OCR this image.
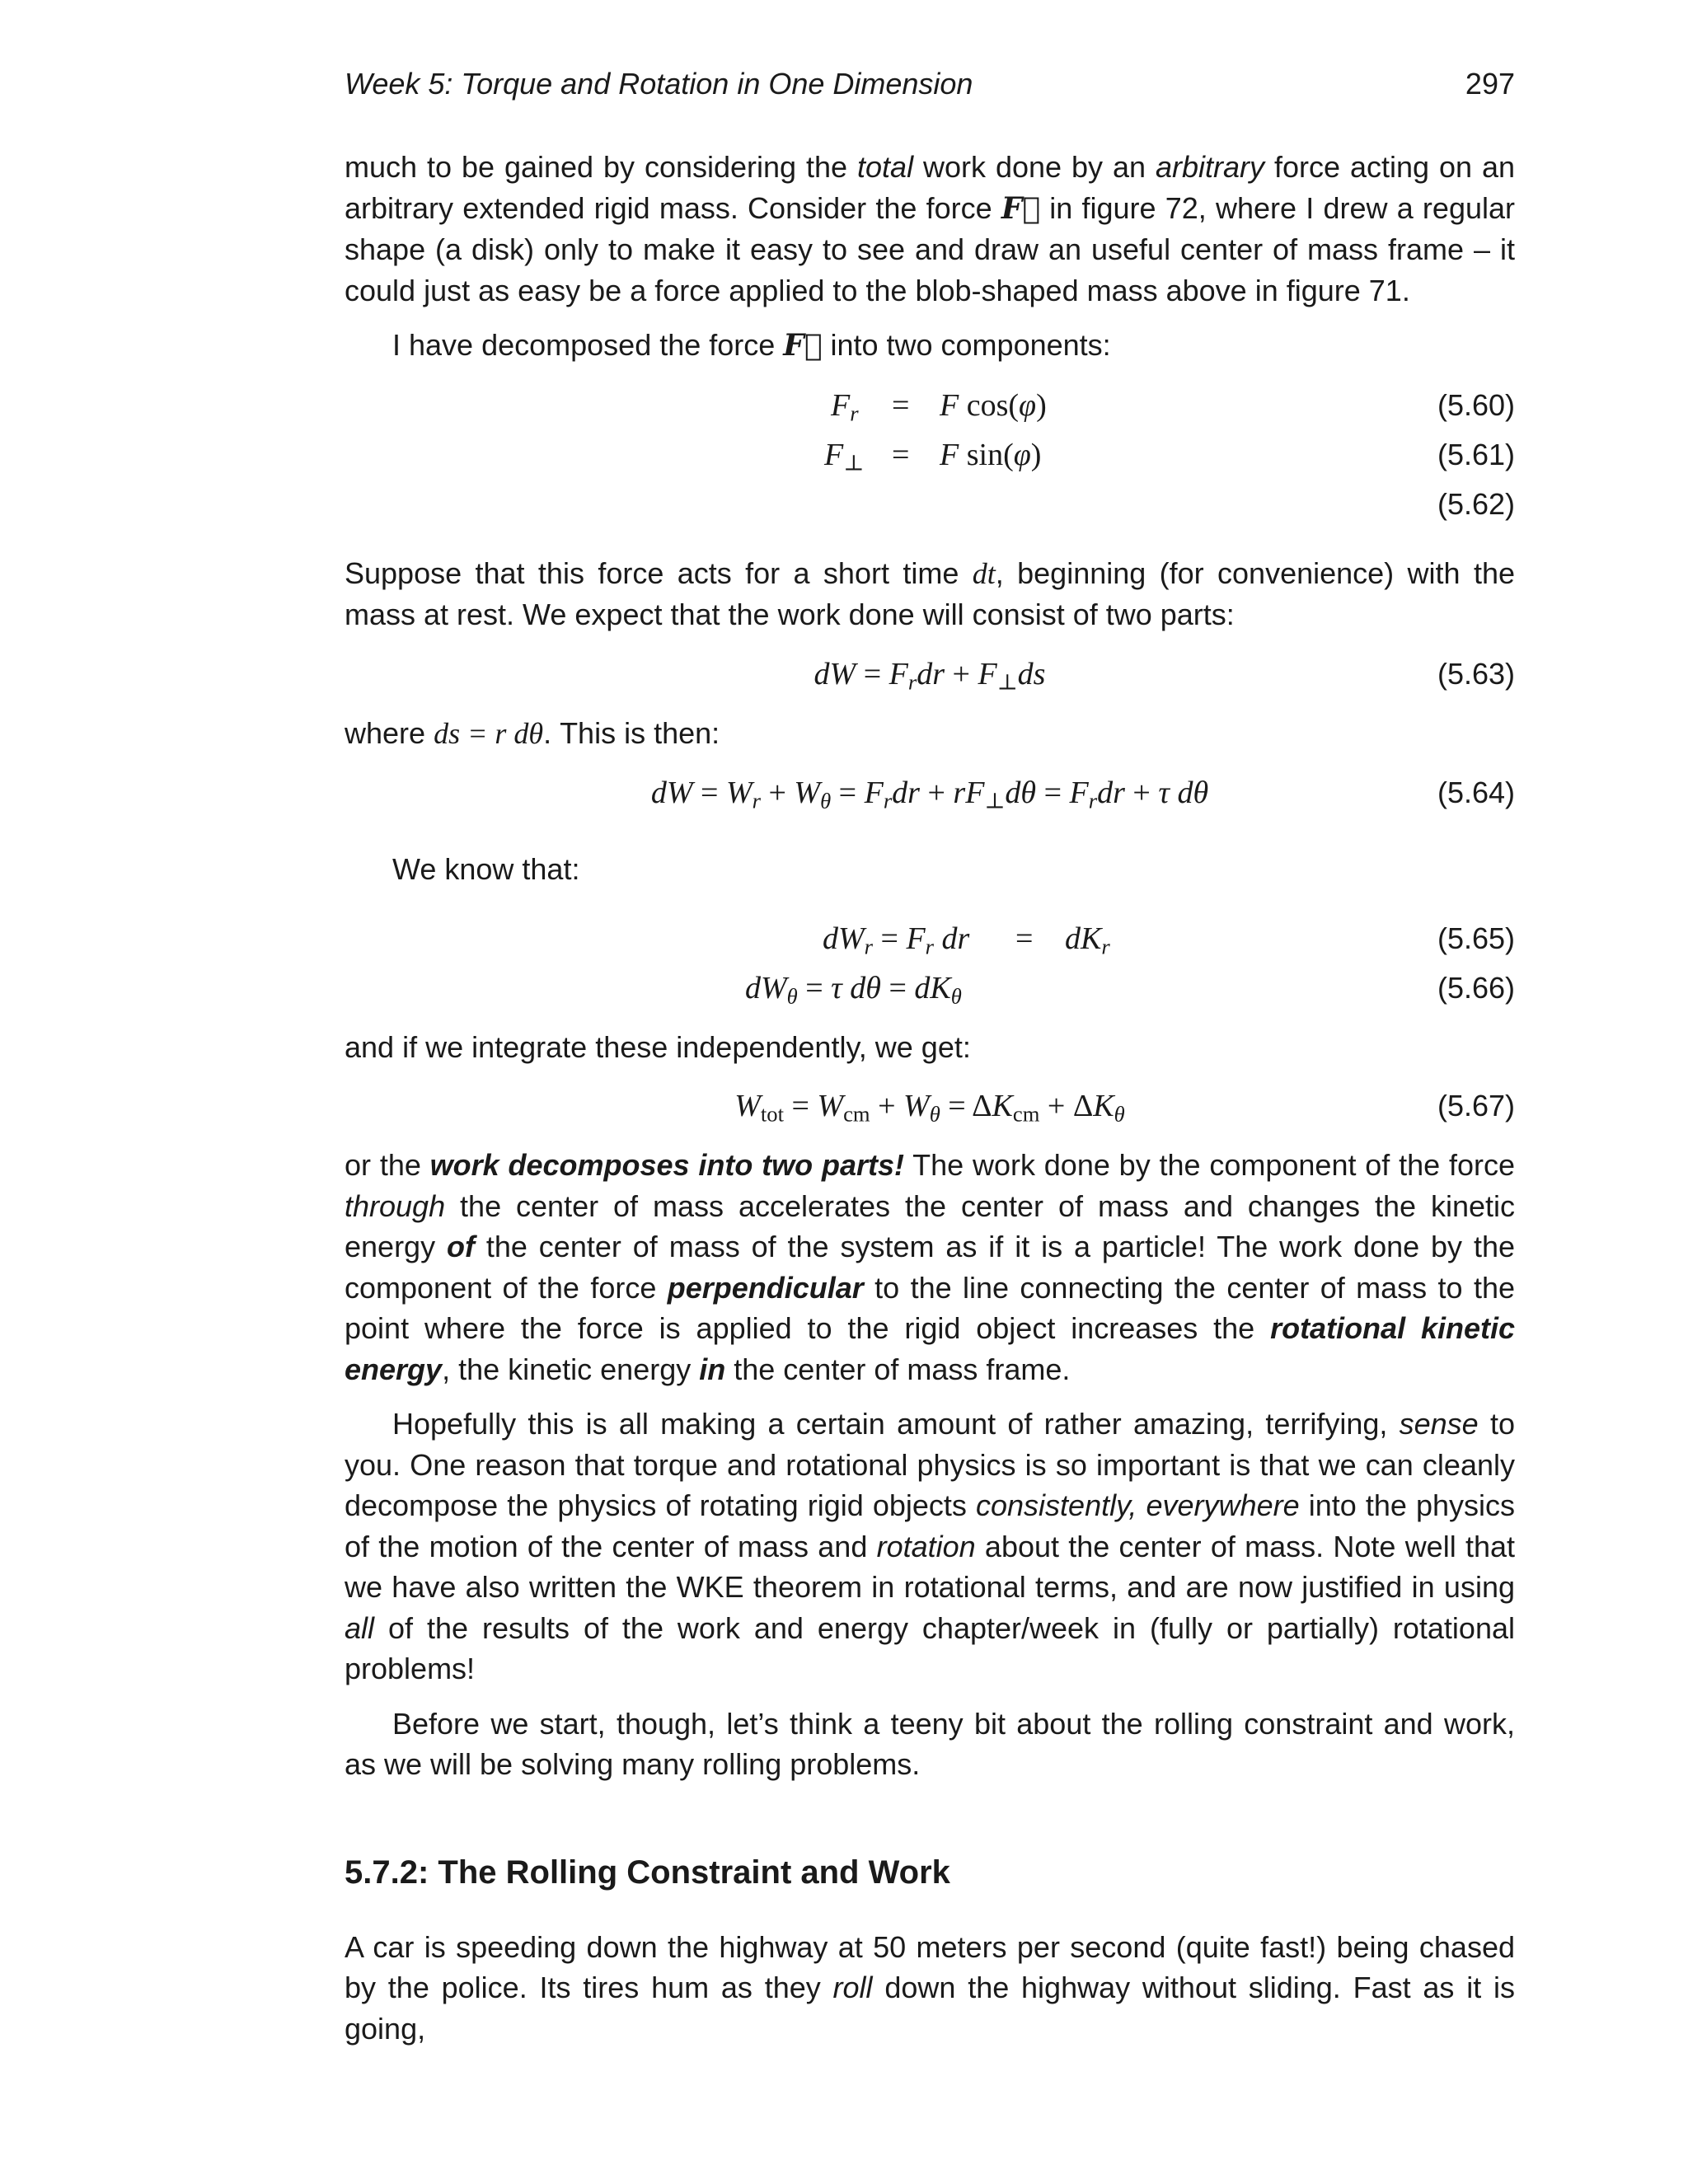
Week 5: Torque and Rotation in One Dimension	297

much to be gained by considering the total work done by an arbitrary force acting on an arbitrary extended rigid mass. Consider the force F⃗ in figure 72, where I drew a regular shape (a disk) only to make it easy to see and draw an useful center of mass frame – it could just as easy be a force applied to the blob-shaped mass above in figure 71.

I have decomposed the force F⃗ into two components:

$F_r = F$ cos(φ)	(5.60)
$F_\perp = F$ sin(φ)	(5.61)
(5.62)

Suppose that this force acts for a short time dt, beginning (for convenience) with the mass at rest. We expect that the work done will consist of two parts:

dW = $F_rdr + F_\perp ds$	(5.63)

where ds = r dθ. This is then:

dW = $W_r + W_\theta = F_rdr + rF_\perp d\theta = F_rdr + \tau$ dθ	(5.64)

We know that:

$dW_r = F_r$ dr = $dK_r$	(5.65)
$dW_\theta = \tau$ $d\theta = dK_\theta$	(5.66)

and if we integrate these independently, we get:

$W_{tot} = W_{cm} + W_\theta = \Delta K_{cm} + \Delta K_\theta$	(5.67)

or the work decomposes into two parts! The work done by the component of the force through the center of mass accelerates the center of mass and changes the kinetic energy of the center of mass of the system as if it is a particle! The work done by the component of the force perpendicular to the line connecting the center of mass to the point where the force is applied to the rigid object increases the rotational kinetic energy, the kinetic energy in the center of mass frame.

Hopefully this is all making a certain amount of rather amazing, terrifying, sense to you. One reason that torque and rotational physics is so important is that we can cleanly decompose the physics of rotating rigid objects consistently, everywhere into the physics of the motion of the center of mass and rotation about the center of mass. Note well that we have also written the WKE theorem in rotational terms, and are now justified in using all of the results of the work and energy chapter/week in (fully or partially) rotational problems!

Before we start, though, let’s think a teeny bit about the rolling constraint and work, as we will be solving many rolling problems.

5.7.2: The Rolling Constraint and Work

A car is speeding down the highway at 50 meters per second (quite fast!) being chased by the police. Its tires hum as they roll down the highway without sliding. Fast as it is going,
